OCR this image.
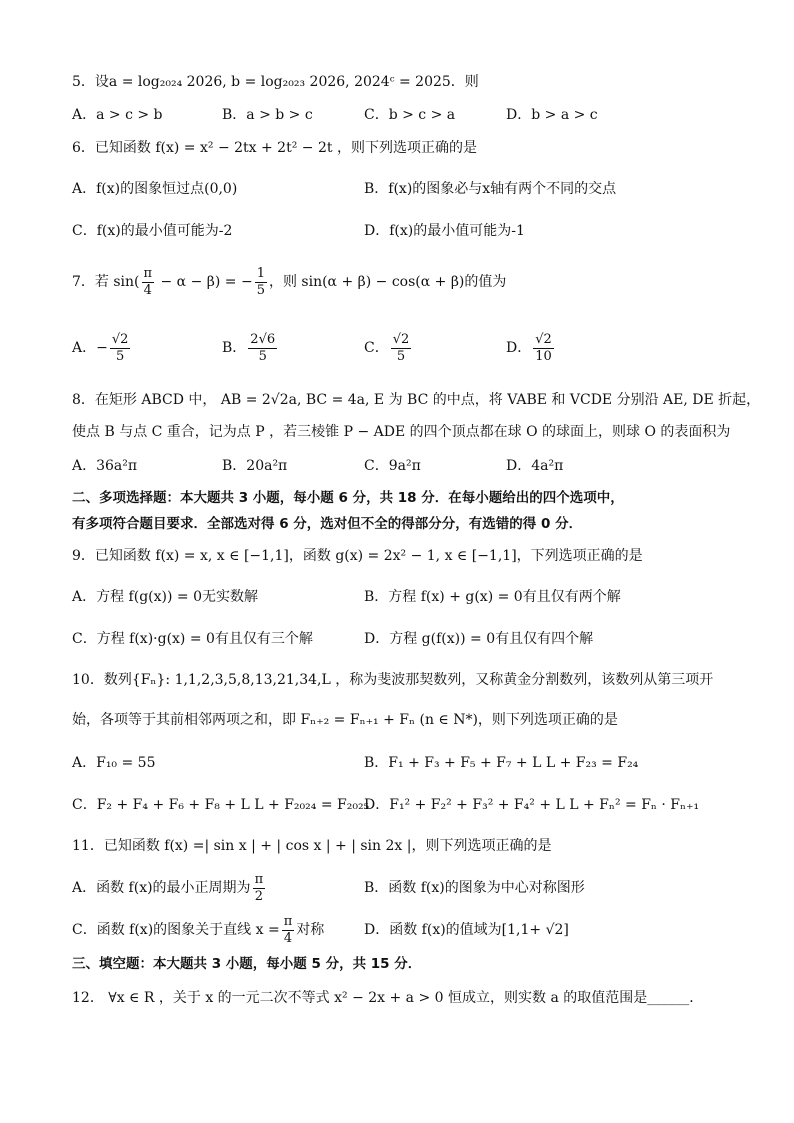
5．设a = log₂₀₂₄ 2026, b = log₂₀₂₃ 2026, 2024ᶜ = 2025．则
A．a > c > b	B．a > b > c	C．b > c > a	D．b > a > c
6．已知函数 f(x) = x² − 2tx + 2t² − 2t ，则下列选项正确的是
A．f(x)的图象恒过点(0,0)	B．f(x)的图象必与x轴有两个不同的交点
C．f(x)的最小值可能为-2	D．f(x)的最小值可能为-1
7．若 $\sin( \frac{\pi}{4} - \alpha - \beta)$ = − $\frac{1}{5}$ ，则 sin(α + β) − cos(α + β)的值为
A．− $\frac{√2}{5}$	B． $\frac{2√6}{5}$	C． $\frac{√2}{5}$	D． $\frac{√2}{10}$
8．在矩形 ABCD 中， AB = 2√2a, BC = 4a, E 为 BC 的中点，将 VABE 和 VCDE 分别沿 AE, DE 折起，
使点 B 与点 C 重合，记为点 P ，若三棱锥 P − ADE 的四个顶点都在球 O 的球面上，则球 O 的表面积为
A．36a²π	B．20a²π	C．9a²π	D．4a²π
二、多项选择题：本大题共 3 小题，每小题 6 分，共 18 分．在每小题给出的四个选项中，
有多项符合题目要求．全部选对得 6 分，选对但不全的得部分分，有选错的得 0 分．
9．已知函数 f(x) = x, x ∈ [−1,1]，函数 g(x) = 2x² − 1, x ∈ [−1,1]，下列选项正确的是
A．方程 f(g(x)) = 0无实数解	B．方程 f(x) + g(x) = 0有且仅有两个解
C．方程 f(x)·g(x) = 0有且仅有三个解	D．方程 g(f(x)) = 0有且仅有四个解
10．数列{Fₙ}: 1,1,2,3,5,8,13,21,34,L ，称为斐波那契数列，又称黄金分割数列，该数列从第三项开
始，各项等于其前相邻两项之和，即 Fₙ₊₂ = Fₙ₊₁ + Fₙ (n ∈ N*)，则下列选项正确的是
A．F₁₀ = 55	B．F₁ + F₃ + F₅ + F₇ + L L + F₂₃ = F₂₄
C．F₂ + F₄ + F₆ + F₈ + L L + F₂₀₂₄ = F₂₀₂₅
D．F₁² + F₂² + F₃² + F₄² + L L + Fₙ² = Fₙ · Fₙ₊₁
11．已知函数 f(x) =| sin x | + | cos x | + | sin 2x |，则下列选项正确的是
A．函数 f(x)的最小正周期为 $\frac{\pi}{2}$	B．函数 f(x)的图象为中心对称图形
C．函数 f(x)的图象关于直线 $x = \frac{\pi}{4}$ 对称	D．函数 f(x)的值域为[1,1+ √2]
三、填空题：本大题共 3 小题，每小题 5 分，共 15 分．
12． ∀x ∈ R ，关于 x 的一元二次不等式 x² − 2x + a > 0 恒成立，则实数 a 的取值范围是______．
